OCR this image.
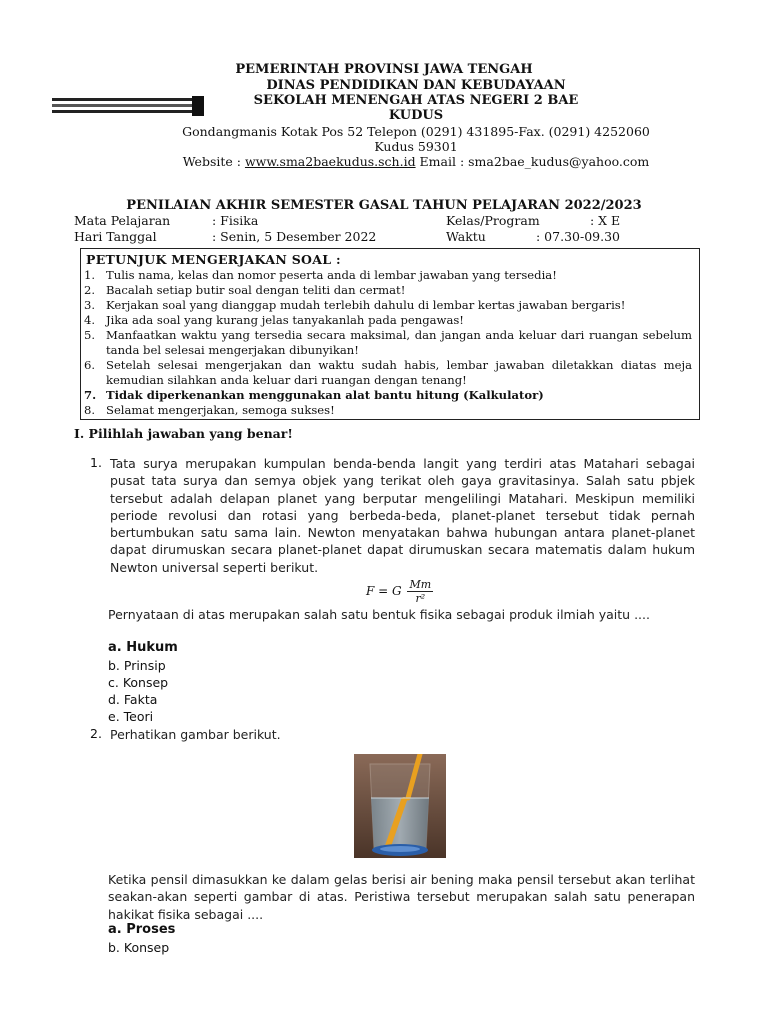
PEMERINTAH PROVINSI JAWA TENGAH
DINAS PENDIDIKAN DAN KEBUDAYAAN
SEKOLAH MENENGAH ATAS NEGERI 2 BAE
KUDUS
Gondangmanis Kotak Pos 52 Telepon (0291) 431895-Fax. (0291) 4252060
Kudus 59301
Website : www.sma2baekudus.sch.id Email : sma2bae_kudus@yahoo.com
PENILAIAN AKHIR SEMESTER GASAL TAHUN PELAJARAN 2022/2023
Mata Pelajaran	: Fisika	Kelas/Program	: X E
Hari Tanggal	: Senin, 5 Desember 2022	Waktu	: 07.30-09.30
PETUNJUK MENGERJAKAN SOAL :
1. Tulis nama, kelas dan nomor peserta anda di lembar jawaban yang tersedia!
2. Bacalah setiap butir soal dengan teliti dan cermat!
3. Kerjakan soal yang dianggap mudah terlebih dahulu di lembar kertas jawaban bergaris!
4. Jika ada soal yang kurang jelas tanyakanlah pada pengawas!
5. Manfaatkan waktu yang tersedia secara maksimal, dan jangan anda keluar dari ruangan sebelum tanda bel selesai mengerjakan dibunyikan!
6. Setelah selesai mengerjakan dan waktu sudah habis, lembar jawaban diletakkan diatas meja kemudian silahkan anda keluar dari ruangan dengan tenang!
7. Tidak diperkenankan menggunakan alat bantu hitung (Kalkulator)
8. Selamat mengerjakan, semoga sukses!
I. Pilihlah jawaban yang benar!
1. Tata surya merupakan kumpulan benda-benda langit yang terdiri atas Matahari sebagai pusat tata surya dan semya objek yang terikat oleh gaya gravitasinya. Salah satu pbjek tersebut adalah delapan planet yang berputar mengelilingi Matahari. Meskipun memiliki periode revolusi dan rotasi yang berbeda-beda, planet-planet tersebut tidak pernah bertumbukan satu sama lain. Newton menyatakan bahwa hubungan antara planet-planet dapat dirumuskan secara planet-planet dapat dirumuskan secara matematis dalam hukum Newton universal seperti berikut.
F = G $\frac{Mm}{\text{r²}}$
Pernyataan di atas merupakan salah satu bentuk fisika sebagai produk ilmiah yaitu ....
a. Hukum
b. Prinsip
c. Konsep
d. Fakta
e. Teori
2. Perhatikan gambar berikut.
Ketika pensil dimasukkan ke dalam gelas berisi air bening maka pensil tersebut akan terlihat seakan-akan seperti gambar di atas. Peristiwa tersebut merupakan salah satu penerapan hakikat fisika sebagai ....
a. Proses
b. Konsep
